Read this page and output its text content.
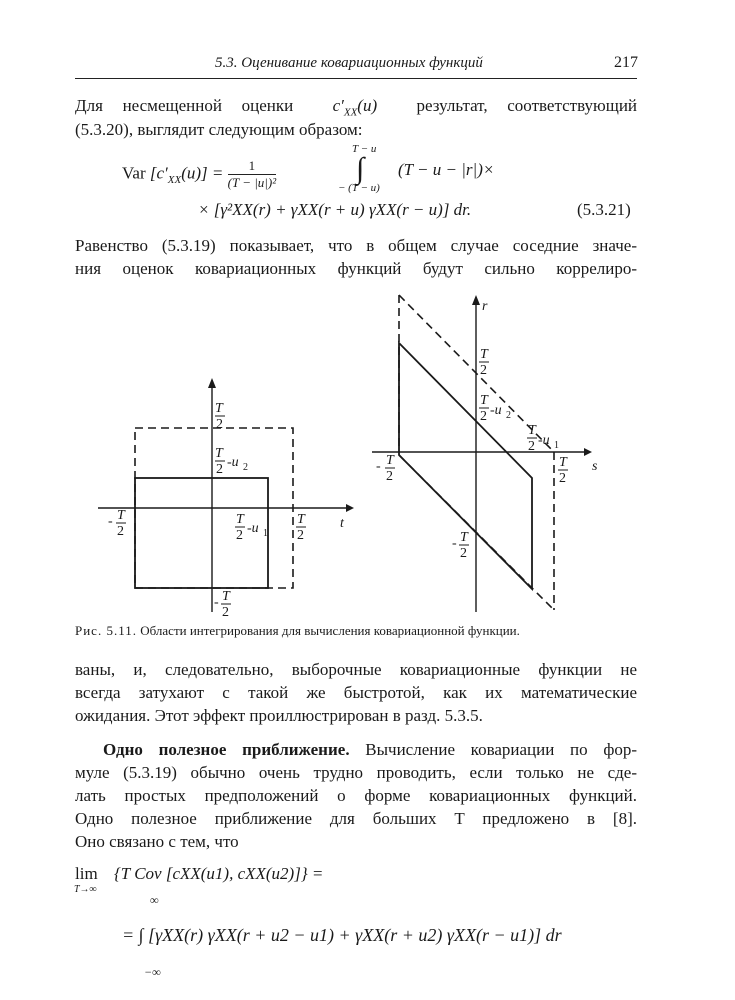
5.3. Оценивание ковариационных функций	217
Для несмещенной оценки  $c'_{XX}(u)$  результат, соответствующий
(5.3.20), выглядит следующим образом:
Var $[c'_{XX}(u)] = \frac{1}{\text{(T − |u|)²}}$
T − u
∫
− (T − u)
(T − u − |r|)×
× [γ²XX(r) + γXX(r + u) γXX(r − u)] dr.	(5.3.21)
Равенство (5.3.19) показывает, что в общем случае соседние значе-
ния оценок ковариационных функций будут сильно коррелиро-
T
2
T
2 -u 2
- T
2
T
2 -u 1
T
2
t
- T
2
r
T
2
T
2 -u 2
T
2 -u 1
- T
2
T
2
s
- T
2
Рис. 5.11. Области интегрирования для вычисления ковариационной функции.
ваны, и, следовательно, выборочные ковариационные функции не
всегда затухают с такой же быстротой, как их математические
ожидания. Этот эффект проиллюстрирован в разд. 5.3.5.
Одно полезное приближение. Вычисление ковариации по фор-
муле (5.3.19) обычно очень трудно проводить, если только не сде-
лать простых предположений о форме ковариационных функций.
Одно полезное приближение для больших T предложено в [8].
Оно связано с тем, что
lim
T→∞
{T Cov [cXX(u1), cXX(u2)]} =
∞
−∞
= ∫ [γXX(r) γXX(r + u2 − u1) + γXX(r + u2) γXX(r − u1)] dr
